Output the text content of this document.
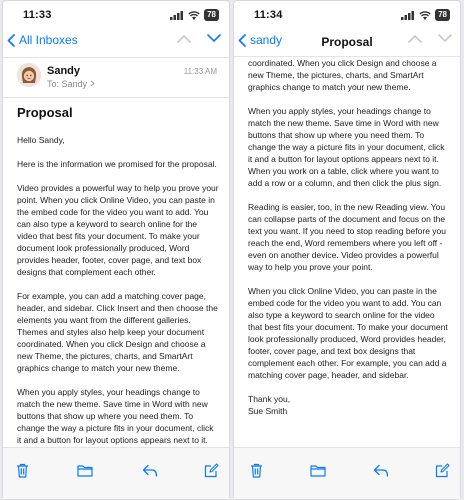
11:33	78
All Inboxes
Sandy
To: Sandy
11:33 AM
Proposal

Hello Sandy,

Here is the information we promised for the proposal.

Video provides a powerful way to help you prove your point. When you click Online Video, you can paste in the embed code for the video you want to add. You can also type a keyword to search online for the video that best fits your document. To make your document look professionally produced, Word provides header, footer, cover page, and text box designs that complement each other.

For example, you can add a matching cover page, header, and sidebar. Click Insert and then choose the elements you want from the different galleries. Themes and styles also help keep your document coordinated. When you click Design and choose a new Theme, the pictures, charts, and SmartArt graphics change to match your new theme.

When you apply styles, your headings change to match the new theme. Save time in Word with new buttons that show up where you need them. To change the way a picture fits in your document, click it and a button for layout options appears next to it.

11:34	78
sandy	Proposal

coordinated. When you click Design and choose a new Theme, the pictures, charts, and SmartArt graphics change to match your new theme.

When you apply styles, your headings change to match the new theme. Save time in Word with new buttons that show up where you need them. To change the way a picture fits in your document, click it and a button for layout options appears next to it. When you work on a table, click where you want to add a row or a column, and then click the plus sign.

Reading is easier, too, in the new Reading view. You can collapse parts of the document and focus on the text you want. If you need to stop reading before you reach the end, Word remembers where you left off - even on another device. Video provides a powerful way to help you prove your point.

When you click Online Video, you can paste in the embed code for the video you want to add. You can also type a keyword to search online for the video that best fits your document. To make your document look professionally produced, Word provides header, footer, cover page, and text box designs that complement each other. For example, you can add a matching cover page, header, and sidebar.

Thank you,
Sue Smith
